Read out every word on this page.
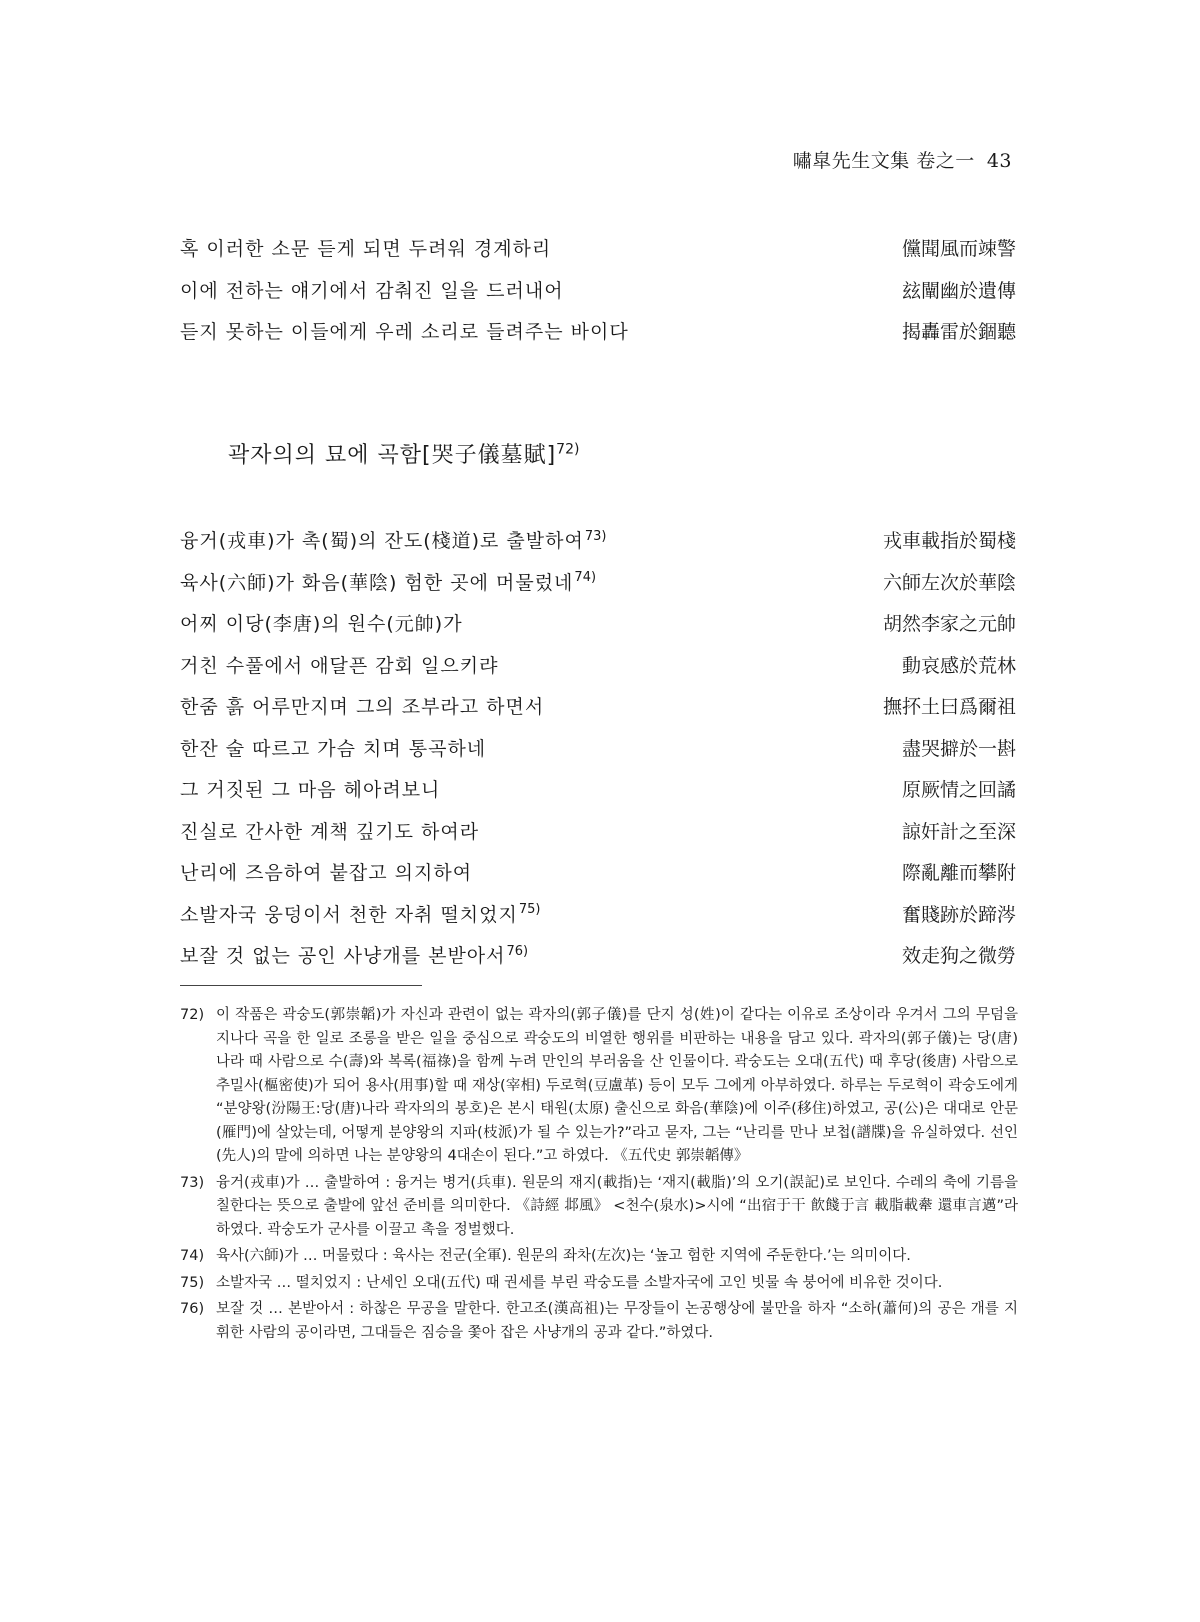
嘯皐先生文集 卷之一 43
혹 이러한 소문 듣게 되면 두려워 경계하리	儻聞風而竦警
이에 전하는 얘기에서 감춰진 일을 드러내어	玆闡幽於遺傳
듣지 못하는 이들에게 우레 소리로 들려주는 바이다	揭轟雷於錮聽
곽자의의 묘에 곡함[哭子儀墓賦]$^{72)}$
융거(戎車)가 촉(蜀)의 잔도(棧道)로 출발하여$^{73)}$	戎車載指於蜀棧
육사(六師)가 화음(華陰) 험한 곳에 머물렀네$^{74)}$	六師左次於華陰
어찌 이당(李唐)의 원수(元帥)가	胡然李家之元帥
거친 수풀에서 애달픈 감회 일으키랴	動哀感於荒林
한줌 흙 어루만지며 그의 조부라고 하면서	撫抔土曰爲爾祖
한잔 술 따르고 가슴 치며 통곡하네	盡哭擗於一斟
그 거짓된 그 마음 헤아려보니	原厥情之回譎
진실로 간사한 계책 깊기도 하여라	諒奸計之至深
난리에 즈음하여 붙잡고 의지하여	際亂離而攀附
소발자국 웅덩이서 천한 자취 떨치었지$^{75)}$	奮賤跡於蹄涔
보잘 것 없는 공인 사냥개를 본받아서$^{76)}$	效走狗之微勞
72) 이 작품은 곽숭도(郭崇韜)가 자신과 관련이 없는 곽자의(郭子儀)를 단지 성(姓)이 같다는 이유로 조상이라 우겨서 그의 무덤을 지나다 곡을 한 일로 조롱을 받은 일을 중심으로 곽숭도의 비열한 행위를 비판하는 내용을 담고 있다. 곽자의(郭子儀)는 당(唐)나라 때 사람으로 수(壽)와 복록(福祿)을 함께 누려 만인의 부러움을 산 인물이다. 곽숭도는 오대(五代) 때 후당(後唐) 사람으로 추밀사(樞密使)가 되어 용사(用事)할 때 재상(宰相) 두로혁(豆盧革) 등이 모두 그에게 아부하였다. 하루는 두로혁이 곽숭도에게 “분양왕(汾陽王:당(唐)나라 곽자의의 봉호)은 본시 태원(太原) 출신으로 화음(華陰)에 이주(移住)하였고, 공(公)은 대대로 안문(雁門)에 살았는데, 어떻게 분양왕의 지파(枝派)가 될 수 있는가?”라고 묻자, 그는 “난리를 만나 보첩(譜牒)을 유실하였다. 선인(先人)의 말에 의하면 나는 분양왕의 4대손이 된다.”고 하였다. 《五代史 郭崇韜傳》
73) 융거(戎車)가 … 출발하여 : 융거는 병거(兵車). 원문의 재지(載指)는 ‘재지(載脂)’의 오기(誤記)로 보인다. 수레의 축에 기름을 칠한다는 뜻으로 출발에 앞선 준비를 의미한다. 《詩經 邶風》 <천수(泉水)>시에 “出宿于干 飮餞于言 載脂載舝 還車言邁”라 하였다. 곽숭도가 군사를 이끌고 촉을 정벌했다.
74) 육사(六師)가 … 머물렀다 : 육사는 전군(全軍). 원문의 좌차(左次)는 ‘높고 험한 지역에 주둔한다.’는 의미이다.
75) 소발자국 … 떨치었지 : 난세인 오대(五代) 때 권세를 부린 곽숭도를 소발자국에 고인 빗물 속 붕어에 비유한 것이다.
76) 보잘 것 … 본받아서 : 하찮은 무공을 말한다. 한고조(漢高祖)는 무장들이 논공행상에 불만을 하자 “소하(蕭何)의 공은 개를 지휘한 사람의 공이라면, 그대들은 짐승을 쫓아 잡은 사냥개의 공과 같다.”하였다.
